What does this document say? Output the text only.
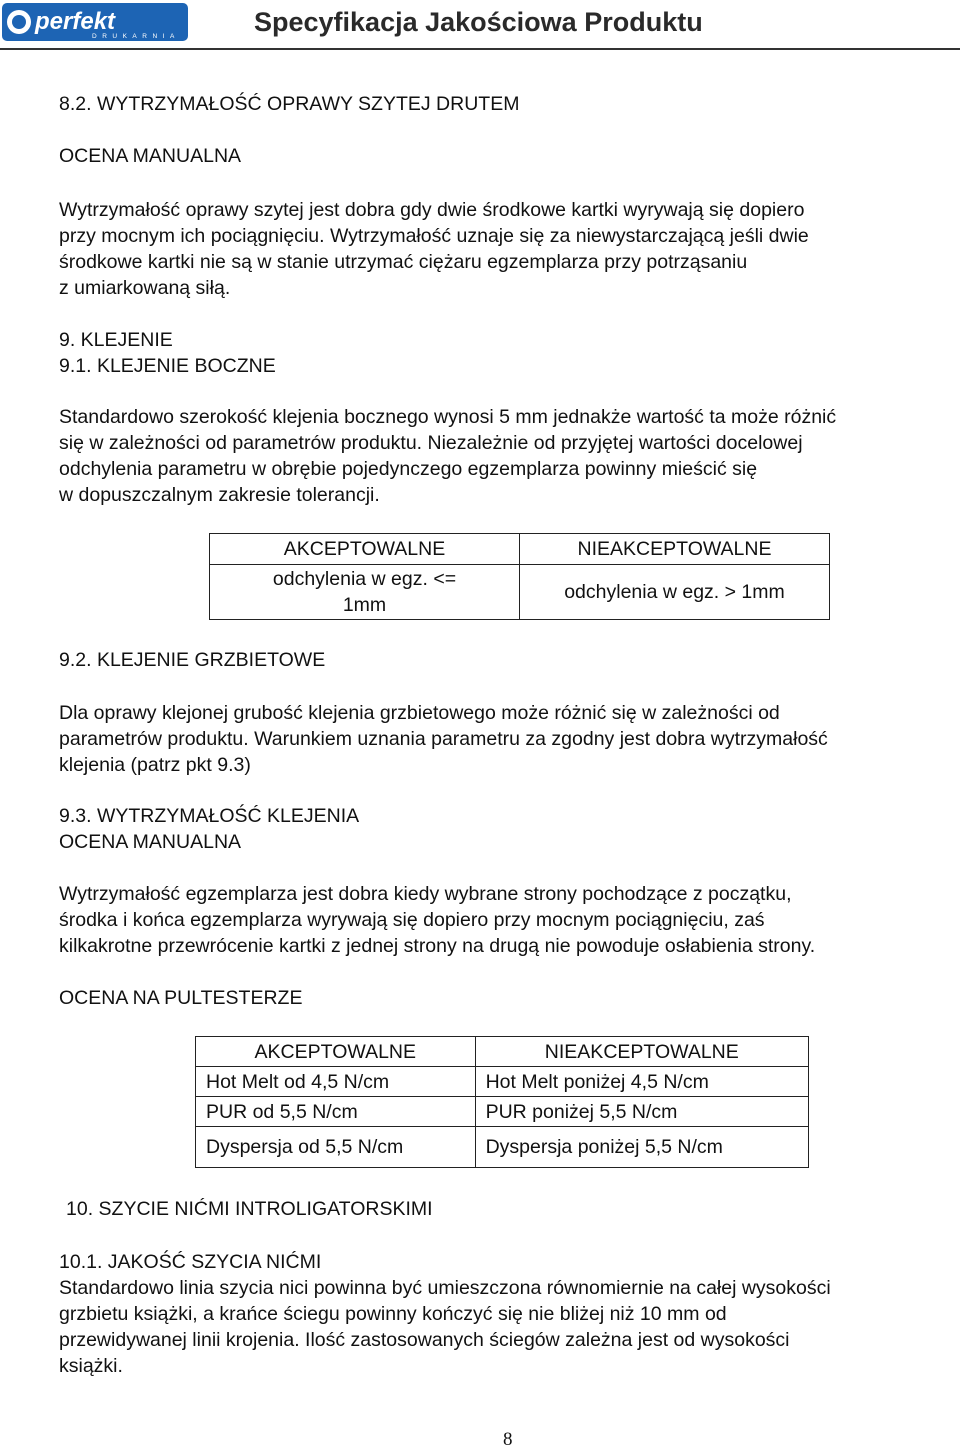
perfekt
DRUKARNIA	Specyfikacja Jakościowa Produktu
8.2. WYTRZYMAŁOŚĆ OPRAWY SZYTEJ DRUTEM
OCENA MANUALNA
Wytrzymałość oprawy szytej jest dobra gdy dwie środkowe kartki wyrywają się dopiero
przy mocnym ich pociągnięciu. Wytrzymałość uznaje się za niewystarczającą jeśli dwie
środkowe kartki nie są w stanie utrzymać ciężaru egzemplarza przy potrząsaniu
z umiarkowaną siłą.
9. KLEJENIE
9.1. KLEJENIE BOCZNE
Standardowo szerokość klejenia bocznego wynosi 5 mm jednakże wartość ta może różnić
się w zależności od parametrów produktu. Niezależnie od przyjętej wartości docelowej
odchylenia parametru w obrębie pojedynczego egzemplarza powinny mieścić się
w dopuszczalnym zakresie tolerancji.
AKCEPTOWALNE	NIEAKCEPTOWALNE

odchylenia w egz. <=
1mm	odchylenia w egz. > 1mm
9.2. KLEJENIE GRZBIETOWE
Dla oprawy klejonej grubość klejenia grzbietowego może różnić się w zależności od
parametrów produktu. Warunkiem uznania parametru za zgodny jest dobra wytrzymałość
klejenia (patrz pkt 9.3)
9.3. WYTRZYMAŁOŚĆ KLEJENIA
OCENA MANUALNA
Wytrzymałość egzemplarza jest dobra kiedy wybrane strony pochodzące z początku,
środka i końca egzemplarza wyrywają się dopiero przy mocnym pociągnięciu, zaś
kilkakrotne przewrócenie kartki z jednej strony na drugą nie powoduje osłabienia strony.
OCENA NA PULTESTERZE
AKCEPTOWALNE	NIEAKCEPTOWALNE
Hot Melt od 4,5 N/cm	Hot Melt poniżej 4,5 N/cm
PUR od 5,5 N/cm	PUR poniżej 5,5 N/cm
Dyspersja od 5,5 N/cm	Dyspersja poniżej 5,5 N/cm
10. SZYCIE NIĆMI INTROLIGATORSKIMI
10.1. JAKOŚĆ SZYCIA NIĆMI
Standardowo linia szycia nici powinna być umieszczona równomiernie na całej wysokości
grzbietu książki, a krańce ściegu powinny kończyć się nie bliżej niż 10 mm od
przewidywanej linii krojenia. Ilość zastosowanych ściegów zależna jest od wysokości
książki.
8
